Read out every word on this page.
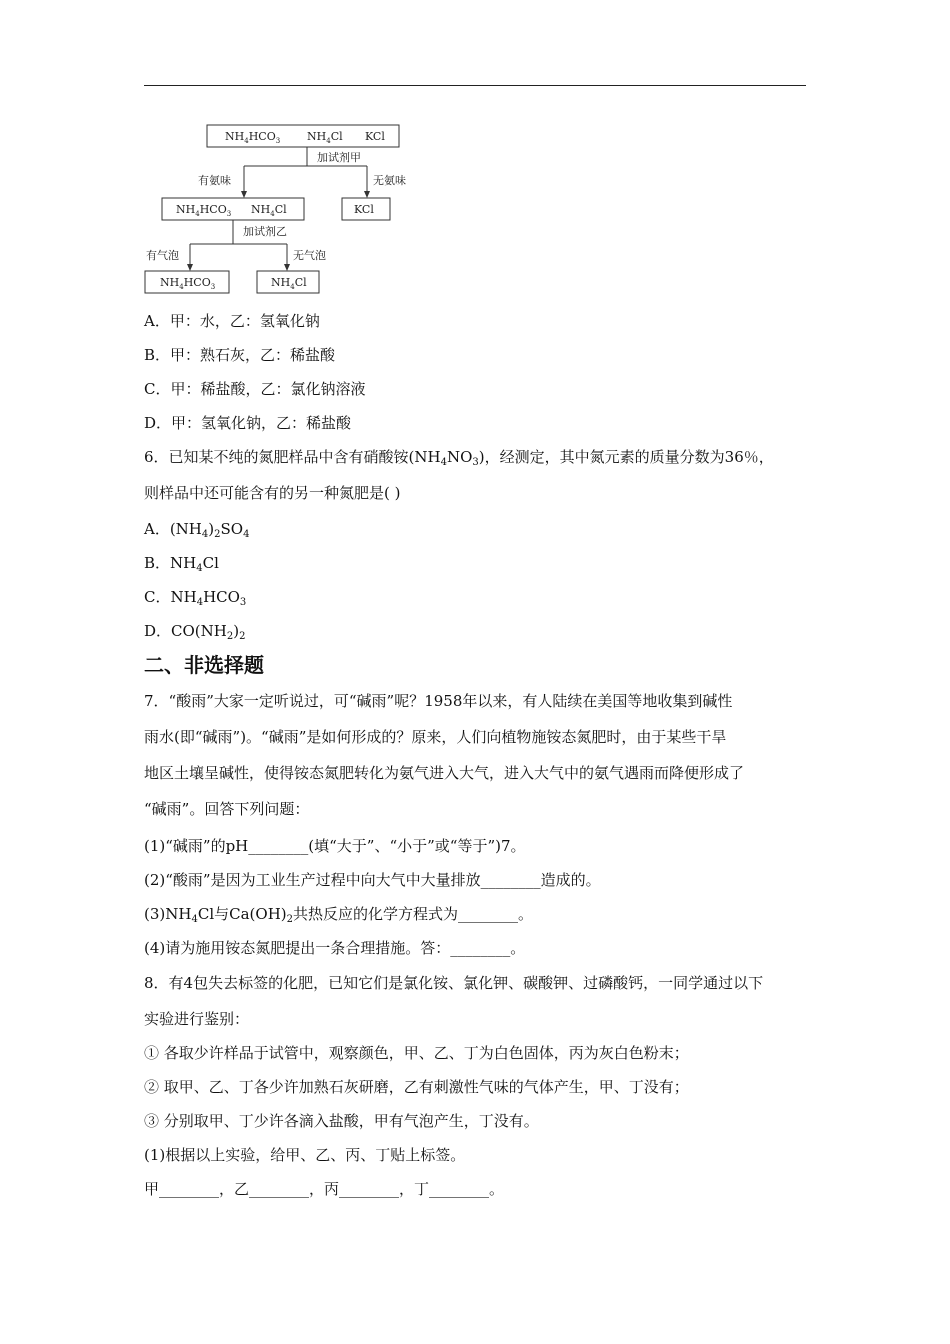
$NH_4HCO_3$ $NH_4Cl$ KCl
加试剂甲
有氨味	无氨味
$NH_4HCO_3$ $NH_4Cl$	KCl
加试剂乙
有气泡	无气泡
$NH_4HCO_3$	$NH_4Cl$
A．甲：水，乙：氢氧化钠
B．甲：熟石灰，乙：稀盐酸
C．甲：稀盐酸，乙：氯化钠溶液
D．甲：氢氧化钠，乙：稀盐酸
6．已知某不纯的氮肥样品中含有硝酸铵$(NH_4NO_3)$，经测定，其中氮元素的质量分数为36％，
则样品中还可能含有的另一种氮肥是( )
A．$(NH_4)_2SO_4$
B．$NH_4Cl$
C．$NH_4HCO_3$
D．$CO(NH_2)_2$
二、非选择题
7．“酸雨”大家一定听说过，可“碱雨”呢？1958年以来，有人陆续在美国等地收集到碱性
雨水(即“碱雨”)。“碱雨”是如何形成的？原来，人们向植物施铵态氮肥时，由于某些干旱
地区土壤呈碱性，使得铵态氮肥转化为氨气进入大气，进入大气中的氨气遇雨而降便形成了
“碱雨”。回答下列问题：
(1)“碱雨”的pH________(填“大于”、“小于”或“等于”)7。
(2)“酸雨”是因为工业生产过程中向大气中大量排放________造成的。
$(3)NH_4Cl$与$Ca(OH)_2$共热反应的化学方程式为________。
(4)请为施用铵态氮肥提出一条合理措施。答：________。
8．有4包失去标签的化肥，已知它们是氯化铵、氯化钾、碳酸钾、过磷酸钙，一同学通过以下
实验进行鉴别：
① 各取少许样品于试管中，观察颜色，甲、乙、丁为白色固体，丙为灰白色粉末；
② 取甲、乙、丁各少许加熟石灰研磨，乙有刺激性气味的气体产生，甲、丁没有；
③ 分别取甲、丁少许各滴入盐酸，甲有气泡产生，丁没有。
(1)根据以上实验，给甲、乙、丙、丁贴上标签。
甲________，乙________，丙________，丁________。
